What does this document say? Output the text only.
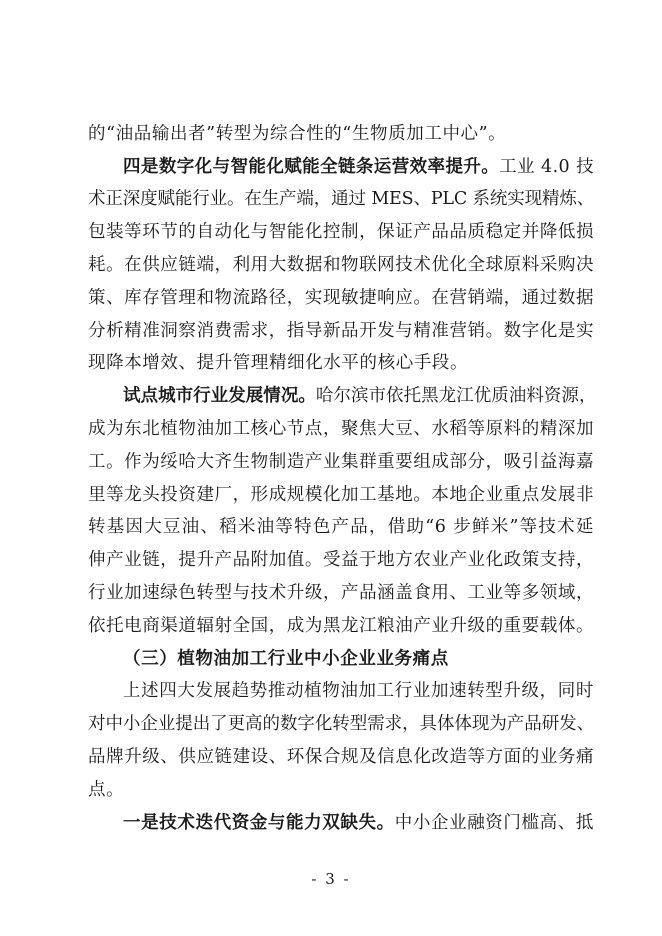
的“油品输出者”转型为综合性的“生物质加工中心”。
四是数字化与智能化赋能全链条运营效率提升。工业 4.0 技
术正深度赋能行业。在生产端，通过 MES、PLC 系统实现精炼、
包装等环节的自动化与智能化控制，保证产品品质稳定并降低损
耗。在供应链端，利用大数据和物联网技术优化全球原料采购决
策、库存管理和物流路径，实现敏捷响应。在营销端，通过数据
分析精准洞察消费需求，指导新品开发与精准营销。数字化是实
现降本增效、提升管理精细化水平的核心手段。
试点城市行业发展情况。哈尔滨市依托黑龙江优质油料资源，
成为东北植物油加工核心节点，聚焦大豆、水稻等原料的精深加
工。作为绥哈大齐生物制造产业集群重要组成部分，吸引益海嘉
里等龙头投资建厂，形成规模化加工基地。本地企业重点发展非
转基因大豆油、稻米油等特色产品，借助“6 步鲜米”等技术延
伸产业链，提升产品附加值。受益于地方农业产业化政策支持，
行业加速绿色转型与技术升级，产品涵盖食用、工业等多领域，
依托电商渠道辐射全国，成为黑龙江粮油产业升级的重要载体。
（三）植物油加工行业中小企业业务痛点
上述四大发展趋势推动植物油加工行业加速转型升级，同时
对中小企业提出了更高的数字化转型需求，具体体现为产品研发、
品牌升级、供应链建设、环保合规及信息化改造等方面的业务痛
点。
一是技术迭代资金与能力双缺失。中小企业融资门槛高、抵
- 3 -
